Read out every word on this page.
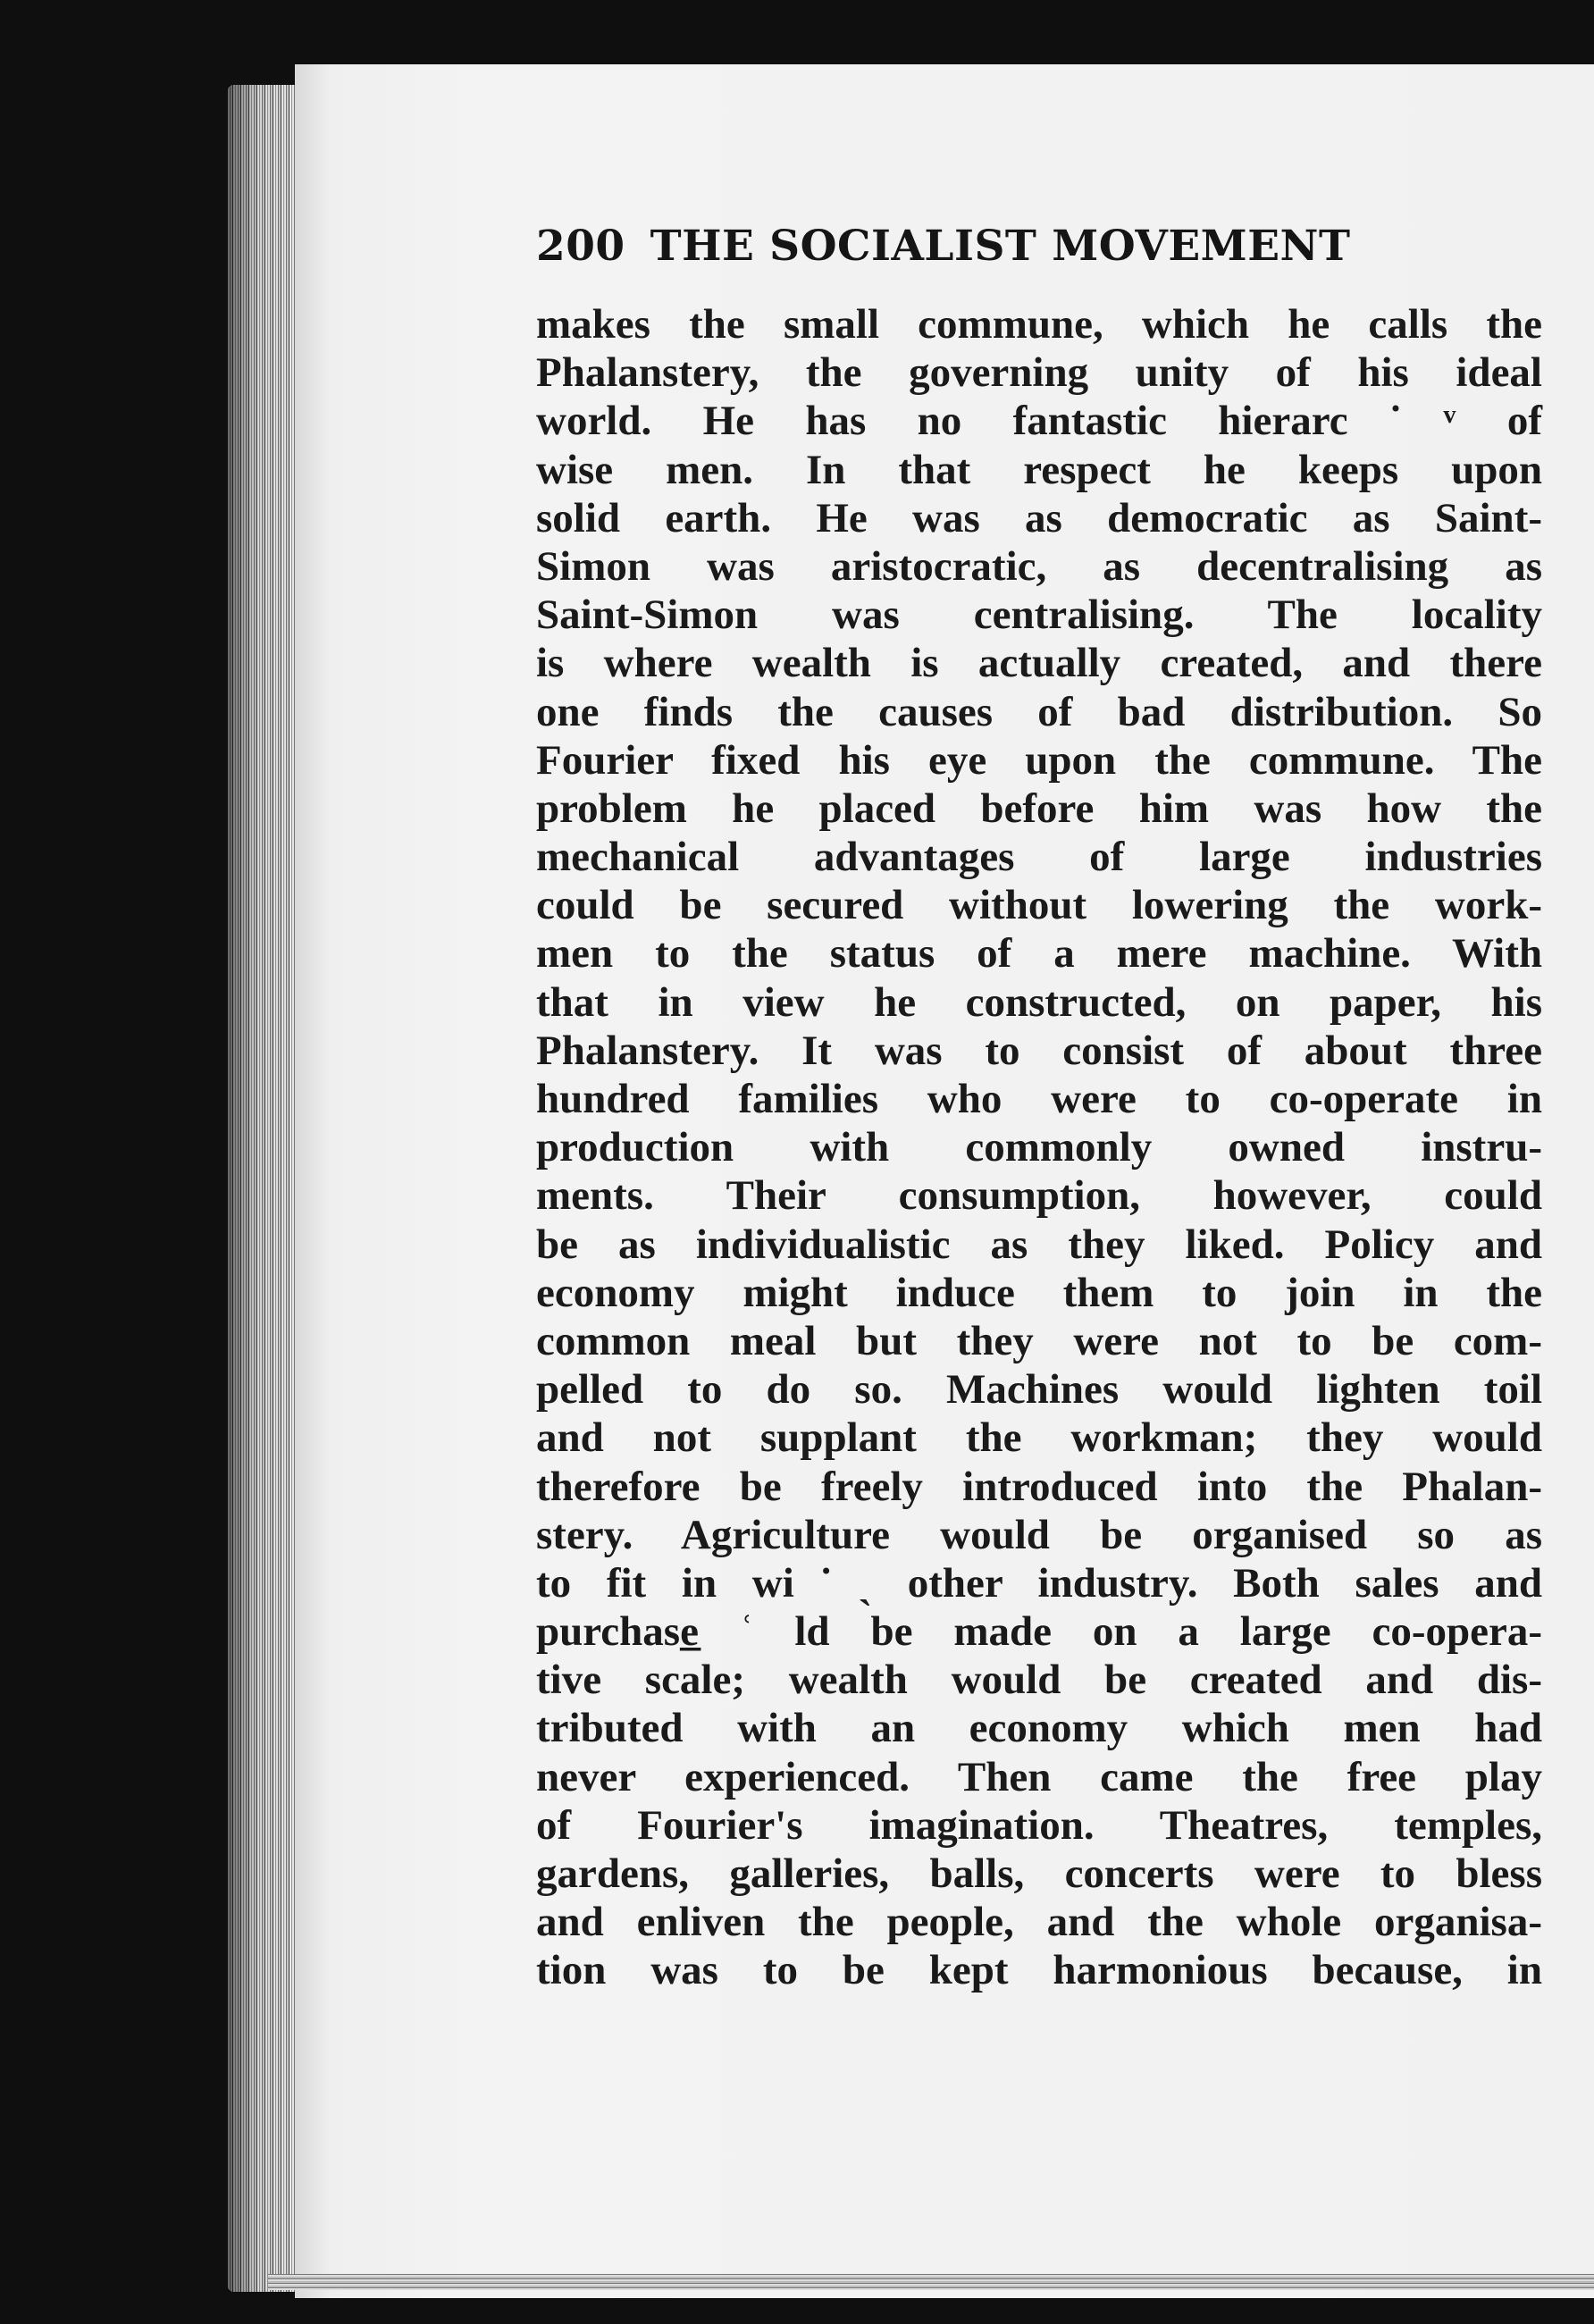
200 THE SOCIALIST MOVEMENT
makes the small commune, which he calls the
Phalanstery, the governing unity of his ideal
world. He has no fantastic hierarc˙ᵛ of
wise men. In that respect he keeps upon
solid earth. He was as democratic as Saint-
Simon was aristocratic, as decentralising as
Saint-Simon was centralising. The locality
is where wealth is actually created, and there
one finds the causes of bad distribution. So
Fourier fixed his eye upon the commune. The
problem he placed before him was how the
mechanical advantages of large industries
could be secured without lowering the work-
men to the status of a mere machine. With
that in view he constructed, on paper, his
Phalanstery. It was to consist of about three
hundred families who were to co-operate in
production with commonly owned instru-
ments. Their consumption, however, could
be as individualistic as they liked. Policy and
economy might induce them to join in the
common meal but they were not to be com-
pelled to do so. Machines would lighten toil
and not supplant the workman; they would
therefore be freely introduced into the Phalan-
stery. Agriculture would be organised so as
to fit in wi˙ˎ other industry. Both sales and
purchase̲ ʿ ld be made on a large co-opera-
tive scale; wealth would be created and dis-
tributed with an economy which men had
never experienced. Then came the free play
of Fourier's imagination. Theatres, temples,
gardens, galleries, balls, concerts were to bless
and enliven the people, and the whole organisa-
tion was to be kept harmonious because, in
